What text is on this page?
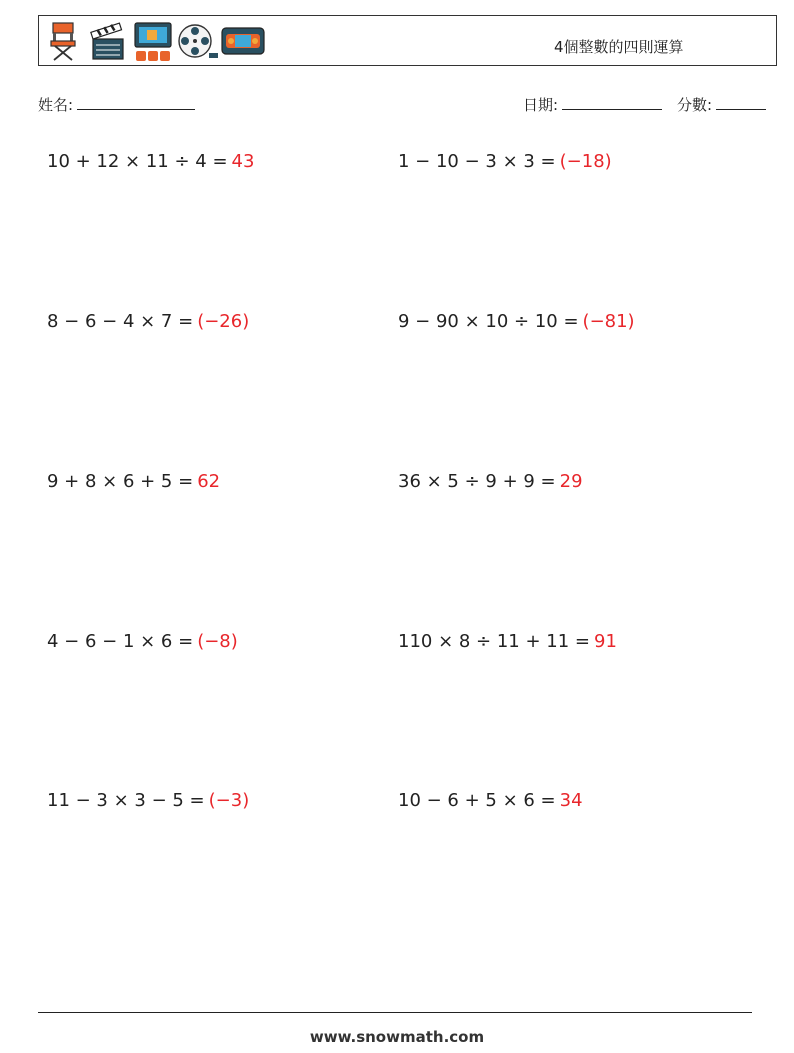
4個整數的四則運算
姓名:	日期:	分數:
10 + 12 × 11 ÷ 4 = 43	1 − 10 − 3 × 3 = (−18)
8 − 6 − 4 × 7 = (−26)	9 − 90 × 10 ÷ 10 = (−81)
9 + 8 × 6 + 5 = 62	36 × 5 ÷ 9 + 9 = 29
4 − 6 − 1 × 6 = (−8)	110 × 8 ÷ 11 + 11 = 91
11 − 3 × 3 − 5 = (−3)	10 − 6 + 5 × 6 = 34
www.snowmath.com
